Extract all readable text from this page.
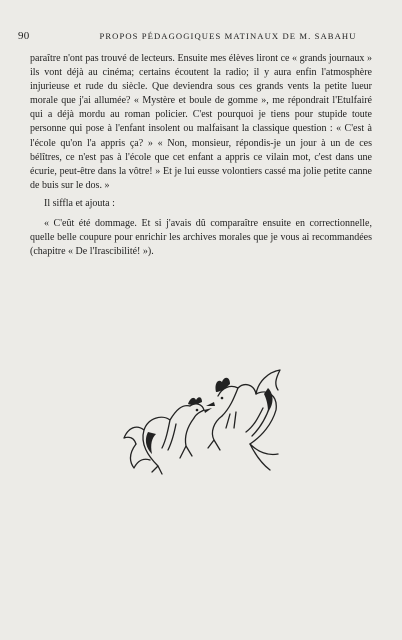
90	PROPOS PÉDAGOGIQUES MATINAUX DE M. SABAHU

paraître n'ont pas trouvé de lecteurs. Ensuite mes élèves liront ce « grands journaux » ils vont déjà au cinéma; certains écoutent la radio; il y aura enfin l'atmosphère injurieuse et rude du siècle. Que deviendra sous ces grands vents la petite lueur morale que j'ai allumée? « Mystère et boule de gomme », me répondrait l'Etulfairé qui a déjà mordu au roman policier. C'est pourquoi je tiens pour stupide toute personne qui pose à l'enfant insolent ou malfaisant la classique question : « C'est à l'école qu'on l'a appris ça? » « Non, monsieur, répondis-je un jour à un de ces bélîtres, ce n'est pas à l'école que cet enfant a appris ce vilain mot, c'est dans une écurie, peut-être dans la vôtre! » Et je lui eusse volontiers cassé ma jolie petite canne de buis sur le dos. »

Il siffla et ajouta :

« C'eût été dommage. Et si j'avais dû comparaître ensuite en correctionnelle, quelle belle coupure pour enrichir les archives morales que je vous ai recommandées (chapitre « De l'Irascibilité! »).
